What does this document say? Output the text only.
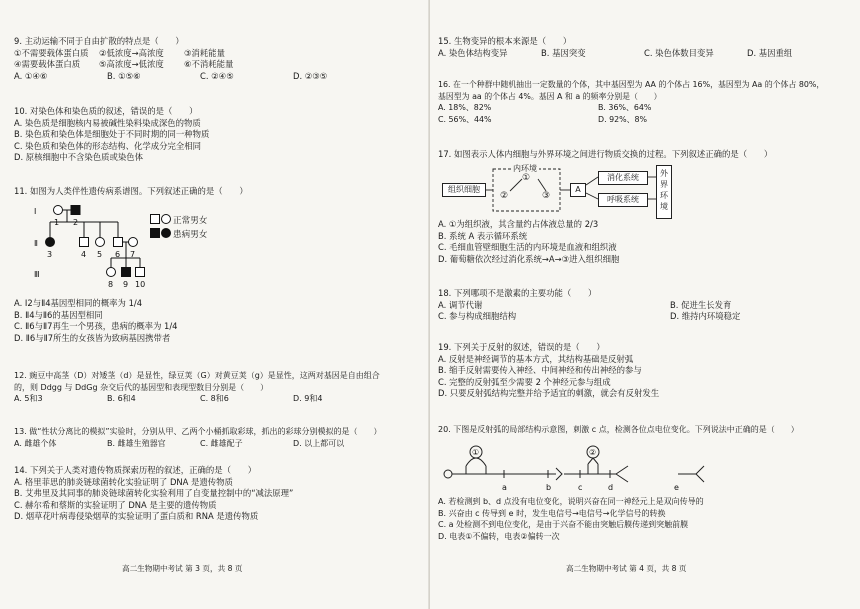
9. 主动运输不同于自由扩散的特点是（　　）
①不需要载体蛋白质	②低浓度→高浓度	③消耗能量
④需要载体蛋白质	⑤高浓度→低浓度	⑥不消耗能量
A. ①④⑥	B. ①⑤⑥	C. ②④⑤	D. ②③⑤
10. 对染色体和染色质的叙述，错误的是（　　）
A. 染色质是细胞核内易被碱性染料染成深色的物质
B. 染色质和染色体是细胞处于不同时期的同一种物质
C. 染色质和染色体的形态结构、化学成分完全相同
D. 原核细胞中不含染色质或染色体
11. 如图为人类伴性遗传病系谱图。下列叙述正确的是（　　）
Ⅰ
Ⅱ
Ⅲ
1 2
3	4 5 6 7
8 9 10
正常男女
患病男女
A. Ⅰ2与Ⅱ4基因型相同的概率为 1/4
B. Ⅱ4与Ⅱ6的基因型相同
C. Ⅱ6与Ⅱ7再生一个男孩，患病的概率为 1/4
D. Ⅱ6与Ⅱ7所生的女孩皆为致病基因携带者
12. 豌豆中高茎（D）对矮茎（d）是显性，绿豆荚（G）对黄豆荚（g）是显性，这两对基因是自由组合
的，则 Ddgg 与 DdGg 杂交后代的基因型和表现型数目分别是（　　）
A. 5和3	B. 6和4	C. 8和6	D. 9和4
13. 做“性状分离比的模拟”实验时，分别从甲、乙两个小桶抓取彩球，抓出的彩球分别模拟的是（　　）
A. 雌雄个体	B. 雌雄生殖器官	C. 雌雄配子	D. 以上都可以
14. 下列关于人类对遗传物质探索历程的叙述，正确的是（　　）
A. 格里菲思的肺炎链球菌转化实验证明了 DNA 是遗传物质
B. 艾弗里及其同事的肺炎链球菌转化实验利用了自变量控制中的“减法原理”
C. 赫尔希和蔡斯的实验证明了 DNA 是主要的遗传物质
D. 烟草花叶病毒侵染烟草的实验证明了蛋白质和 RNA 是遗传物质
高二生物期中考试 第 3 页，共 8 页
15. 生物变异的根本来源是（　　）
A. 染色体结构变异	B. 基因突变	C. 染色体数目变异	D. 基因重组
16. 在一个种群中随机抽出一定数量的个体，其中基因型为 AA 的个体占 16%，基因型为 Aa 的个体占 80%，
基因型为 aa 的个体占 4%。基因 A 和 a 的频率分别是（　　）
A. 18%、82%	B. 36%、64%
C. 56%、44%	D. 92%、8%
17. 如图表示人体内细胞与外界环境之间进行物质交换的过程。下列叙述正确的是（　　）
组织细胞
内环境
①
②	③
A
消化系统
呼吸系统
外界环境
A. ①为组织液，其含量约占体液总量的 2/3
B. 系统 A 表示循环系统
C. 毛细血管壁细胞生活的内环境是血液和组织液
D. 葡萄糖依次经过消化系统→A→③进入组织细胞
18. 下列哪项不是激素的主要功能（　　）
A. 调节代谢	B. 促进生长发育
C. 参与构成细胞结构	D. 维持内环境稳定
19. 下列关于反射的叙述，错误的是（　　）
A. 反射是神经调节的基本方式，其结构基础是反射弧
B. 缩手反射需要传入神经、中间神经和传出神经的参与
C. 完整的反射弧至少需要 2 个神经元参与组成
D. 只要反射弧结构完整并给予适宜的刺激，就会有反射发生
20. 下图是反射弧的局部结构示意图，刺激 c 点，检测各位点电位变化。下列说法中正确的是（　　）
①	②
a	b	c	d	e
A. 若检测到 b、d 点没有电位变化，说明兴奋在同一神经元上是双向传导的
B. 兴奋由 c 传导到 e 时，发生电信号→电信号→化学信号的转换
C. a 处检测不到电位变化，是由于兴奋不能由突触后膜传递到突触前膜
D. 电表①不偏转，电表②偏转一次
高二生物期中考试 第 4 页，共 8 页
